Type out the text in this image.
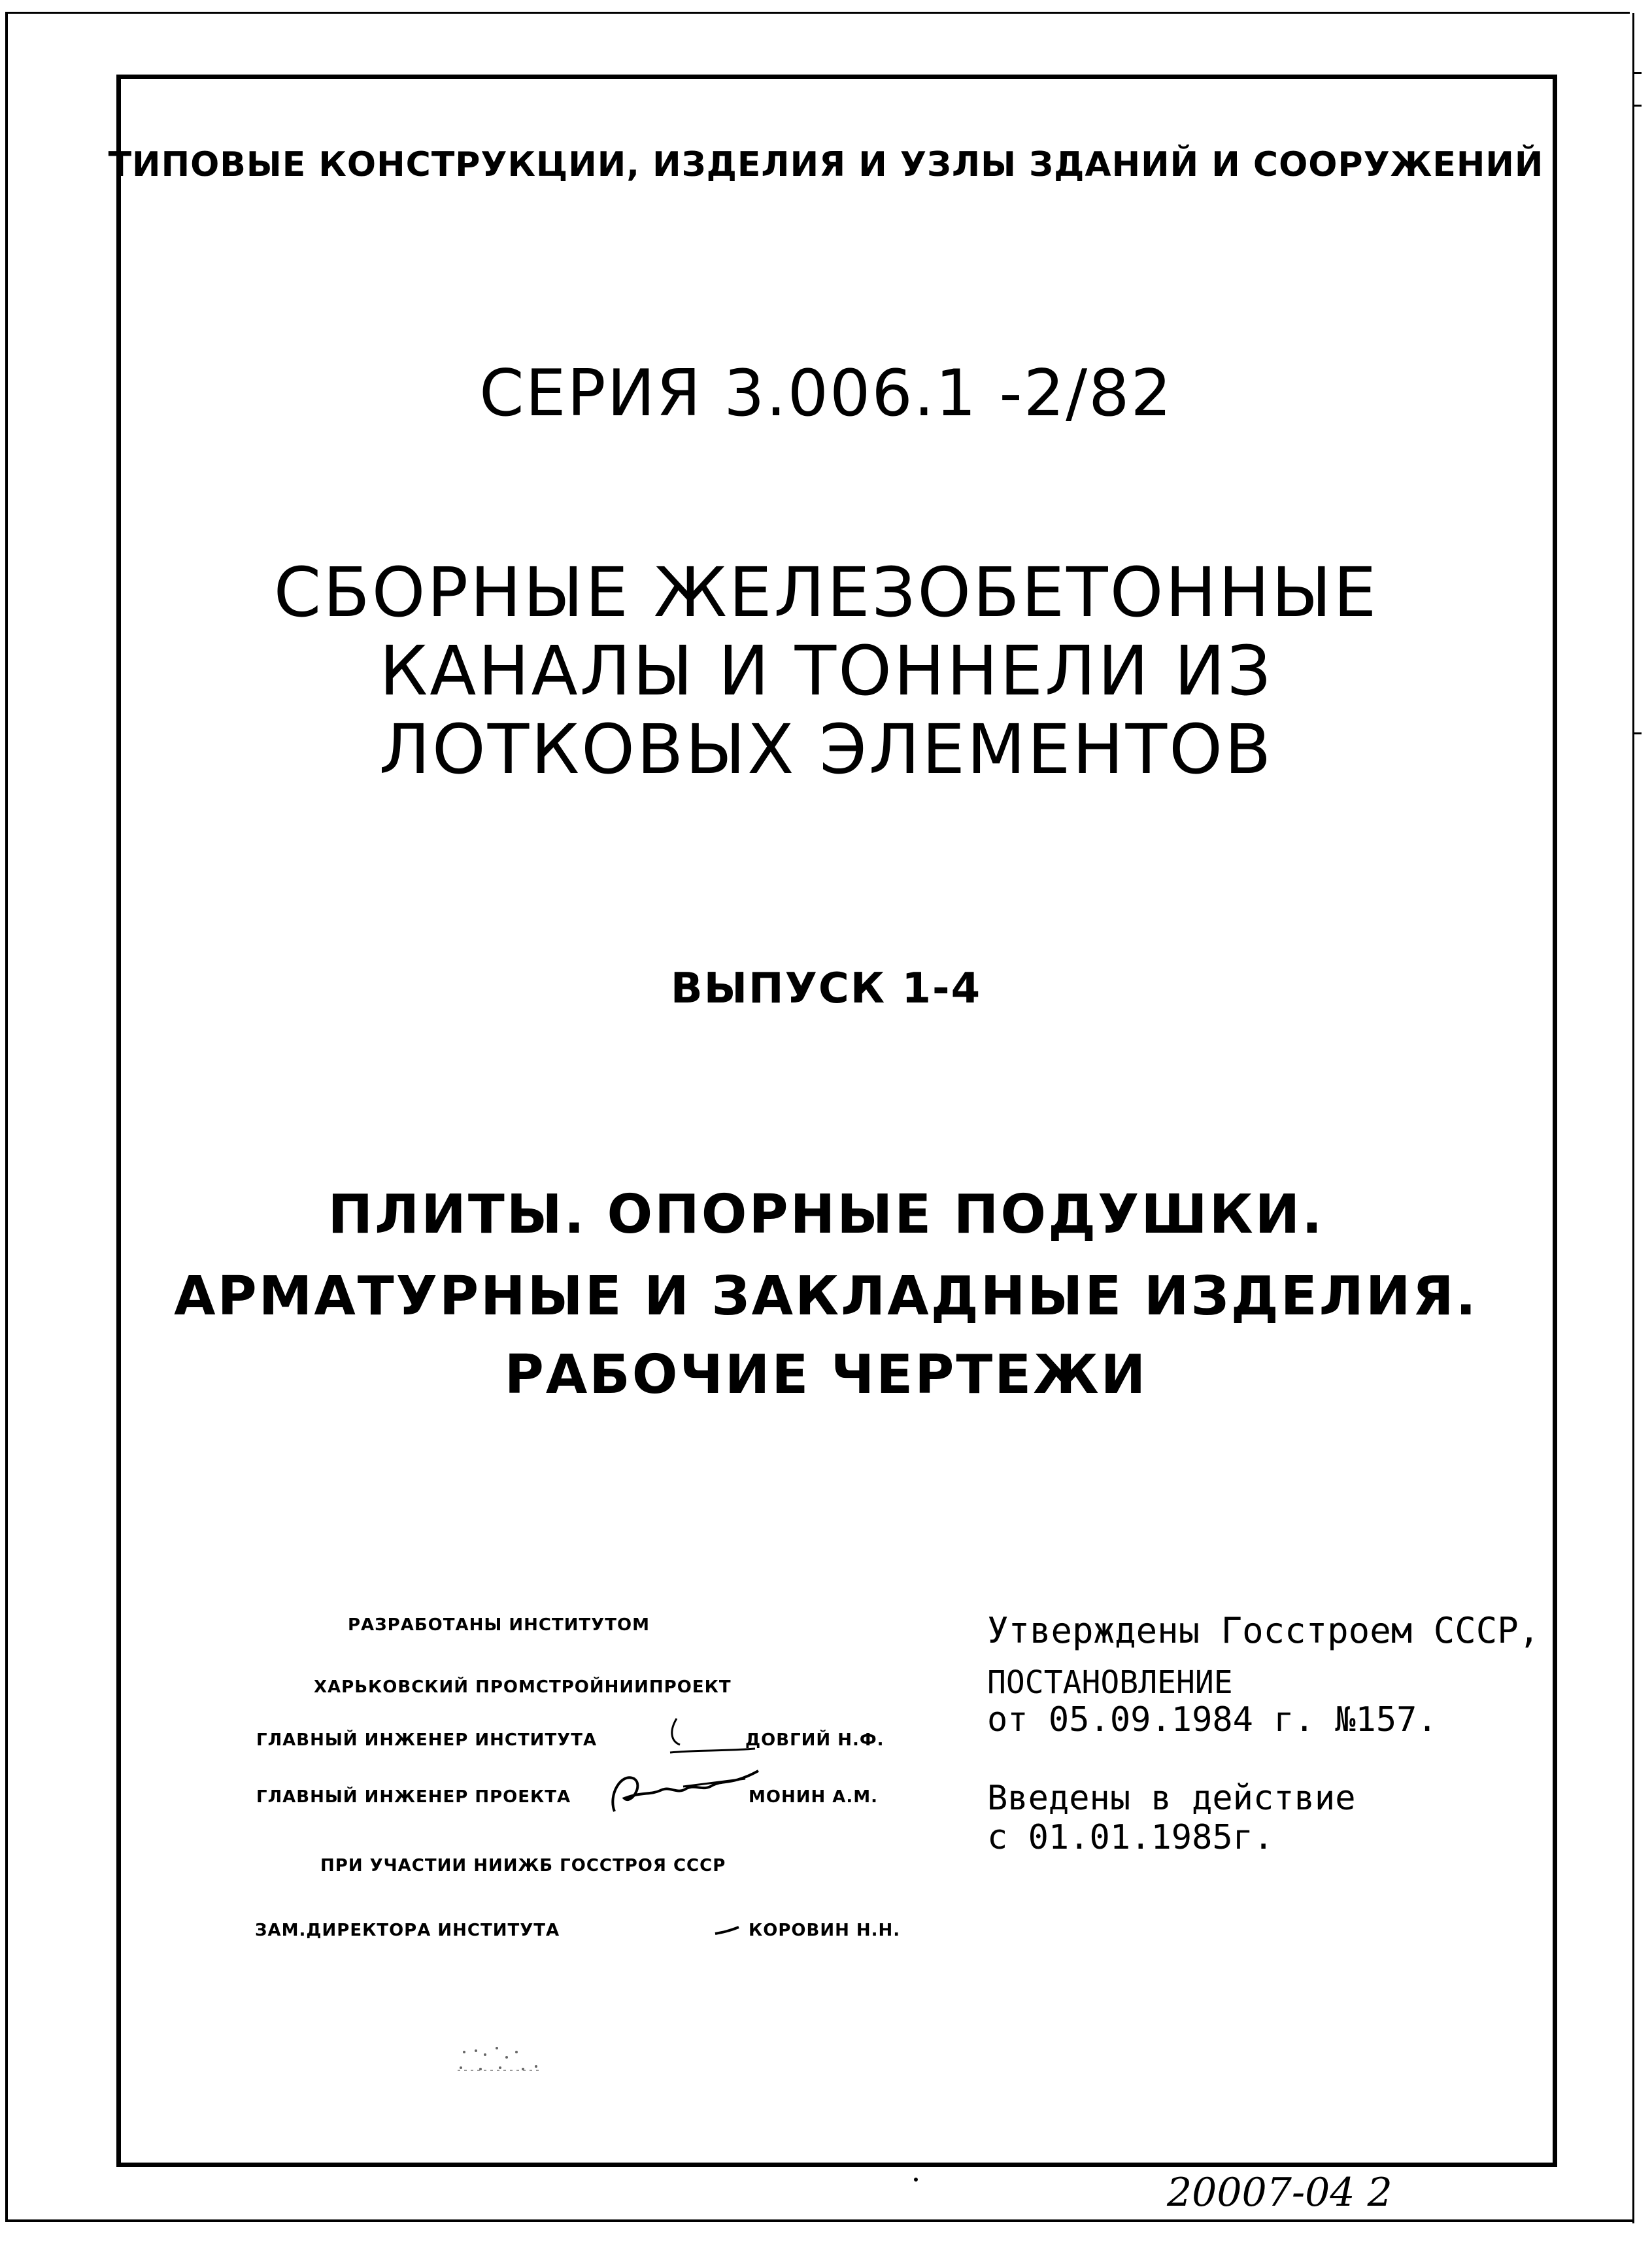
ТИПОВЫЕ КОНСТРУКЦИИ, ИЗДЕЛИЯ И УЗЛЫ ЗДАНИЙ И СООРУЖЕНИЙ
СЕРИЯ 3.006.1 -2/82
СБОРНЫЕ ЖЕЛЕЗОБЕТОННЫЕ
КАНАЛЫ И ТОННЕЛИ ИЗ
ЛОТКОВЫХ ЭЛЕМЕНТОВ
ВЫПУСК 1-4
ПЛИТЫ. ОПОРНЫЕ ПОДУШКИ.
АРМАТУРНЫЕ И ЗАКЛАДНЫЕ ИЗДЕЛИЯ.
РАБОЧИЕ ЧЕРТЕЖИ
РАЗРАБОТАНЫ ИНСТИТУТОМ
ХАРЬКОВСКИЙ ПРОМСТРОЙНИИПРОЕКТ
ГЛАВНЫЙ ИНЖЕНЕР ИНСТИТУТА	ДОВГИЙ Н.Ф.
ГЛАВНЫЙ ИНЖЕНЕР ПРОЕКТА	МОНИН А.М.
ПРИ УЧАСТИИ НИИЖБ ГОССТРОЯ СССР
ЗАМ.ДИРЕКТОРА ИНСТИТУТА	КОРОВИН Н.Н.
Утверждены Госстроем СССР,
ПОСТАНОВЛЕНИЕ
от 05.09.1984 г. №157.
Введены в действие
с 01.01.1985г.
20007-04 2
